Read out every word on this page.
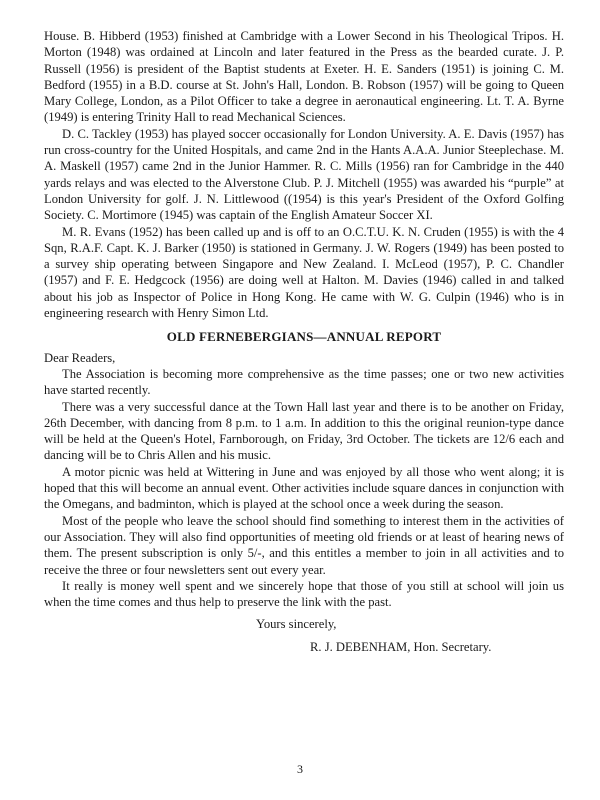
House. B. Hibberd (1953) finished at Cambridge with a Lower Second in his Theological Tripos. H. Morton (1948) was ordained at Lincoln and later featured in the Press as the bearded curate. J. P. Russell (1956) is president of the Baptist students at Exeter. H. E. Sanders (1951) is joining C. M. Bedford (1955) in a B.D. course at St. John's Hall, London. B. Robson (1957) will be going to Queen Mary College, London, as a Pilot Officer to take a degree in aeronautical engineering. Lt. T. A. Byrne (1949) is entering Trinity Hall to read Mechanical Sciences.

D. C. Tackley (1953) has played soccer occasionally for London University. A. E. Davis (1957) has run cross-country for the United Hospitals, and came 2nd in the Hants A.A.A. Junior Steeplechase. M. A. Maskell (1957) came 2nd in the Junior Hammer. R. C. Mills (1956) ran for Cambridge in the 440 yards relays and was elected to the Alverstone Club. P. J. Mitchell (1955) was awarded his “purple” at London University for golf. J. N. Littlewood ((1954) is this year's President of the Oxford Golfing Society. C. Mortimore (1945) was captain of the English Amateur Soccer XI.

M. R. Evans (1952) has been called up and is off to an O.C.T.U. K. N. Cruden (1955) is with the 4 Sqn, R.A.F. Capt. K. J. Barker (1950) is stationed in Germany. J. W. Rogers (1949) has been posted to a survey ship operating between Singapore and New Zealand. I. McLeod (1957), P. C. Chandler (1957) and F. E. Hedgcock (1956) are doing well at Halton. M. Davies (1946) called in and talked about his job as Inspector of Police in Hong Kong. He came with W. G. Culpin (1946) who is in engineering research with Henry Simon Ltd.

OLD FERNEBERGIANS—ANNUAL REPORT

Dear Readers,

The Association is becoming more comprehensive as the time passes; one or two new activities have started recently.

There was a very successful dance at the Town Hall last year and there is to be another on Friday, 26th December, with dancing from 8 p.m. to 1 a.m. In addition to this the original reunion-type dance will be held at the Queen's Hotel, Farnborough, on Friday, 3rd October. The tickets are 12/6 each and dancing will be to Chris Allen and his music.

A motor picnic was held at Wittering in June and was enjoyed by all those who went along; it is hoped that this will become an annual event. Other activities include square dances in conjunction with the Omegans, and badminton, which is played at the school once a week during the season.

Most of the people who leave the school should find something to interest them in the activities of our Association. They will also find opportunities of meeting old friends or at least of hearing news of them. The present subscription is only 5/-, and this entitles a member to join in all activities and to receive the three or four newsletters sent out every year.

It really is money well spent and we sincerely hope that those of you still at school will join us when the time comes and thus help to preserve the link with the past.

Yours sincerely,

R. J. DEBENHAM, Hon. Secretary.

3
